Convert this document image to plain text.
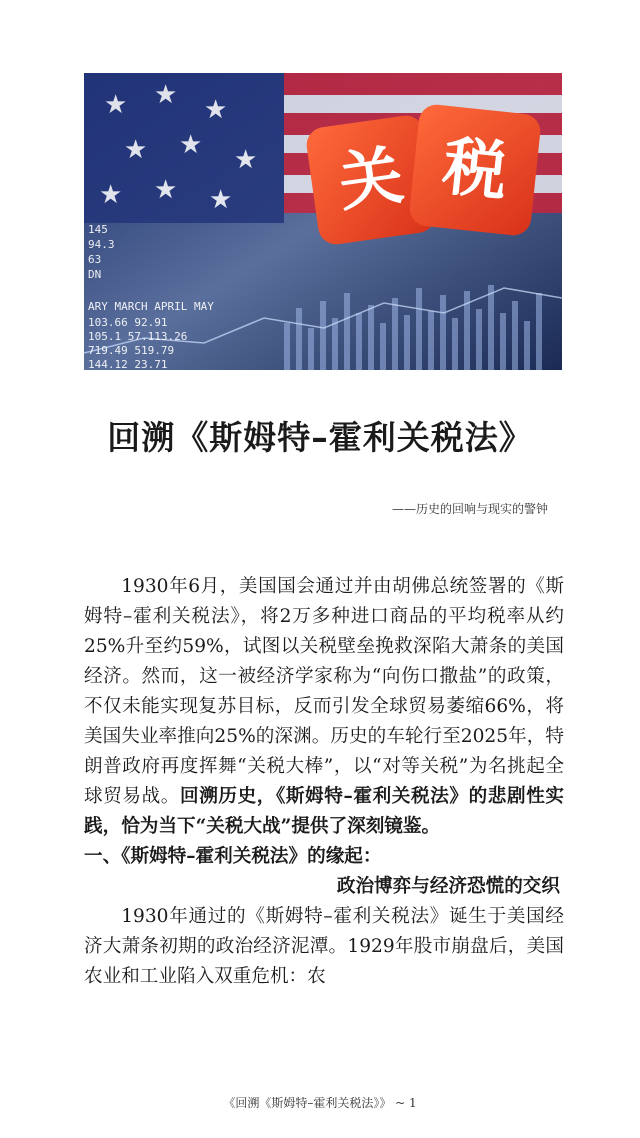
★ ★ ★
★ ★ ★
★ ★ ★
ARY MARCH APRIL MAY
103.66 92.91
105.1 57.113.26
719.49 519.79
144.12 23.71
145
94.3
63
DN
关 税
回溯《斯姆特–霍利关税法》
——历史的回响与现实的警钟

1930年6月，美国国会通过并由胡佛总统签署的《斯姆特–霍利关税法》，将2万多种进口商品的平均税率从约25%升至约59%，试图以关税壁垒挽救深陷大萧条的美国经济。然而，这一被经济学家称为“向伤口撒盐”的政策，不仅未能实现复苏目标，反而引发全球贸易萎缩66%，将美国失业率推向25%的深渊。历史的车轮行至2025年，特朗普政府再度挥舞“关税大棒”，以“对等关税”为名挑起全球贸易战。回溯历史，《斯姆特–霍利关税法》的悲剧性实践，恰为当下“关税大战”提供了深刻镜鉴。

一、《斯姆特–霍利关税法》的缘起：

政治博弈与经济恐慌的交织

1930年通过的《斯姆特–霍利关税法》诞生于美国经济大萧条初期的政治经济泥潭。1929年股市崩盘后，美国农业和工业陷入双重危机：农

《回溯《斯姆特–霍利关税法》》 ~ 1
